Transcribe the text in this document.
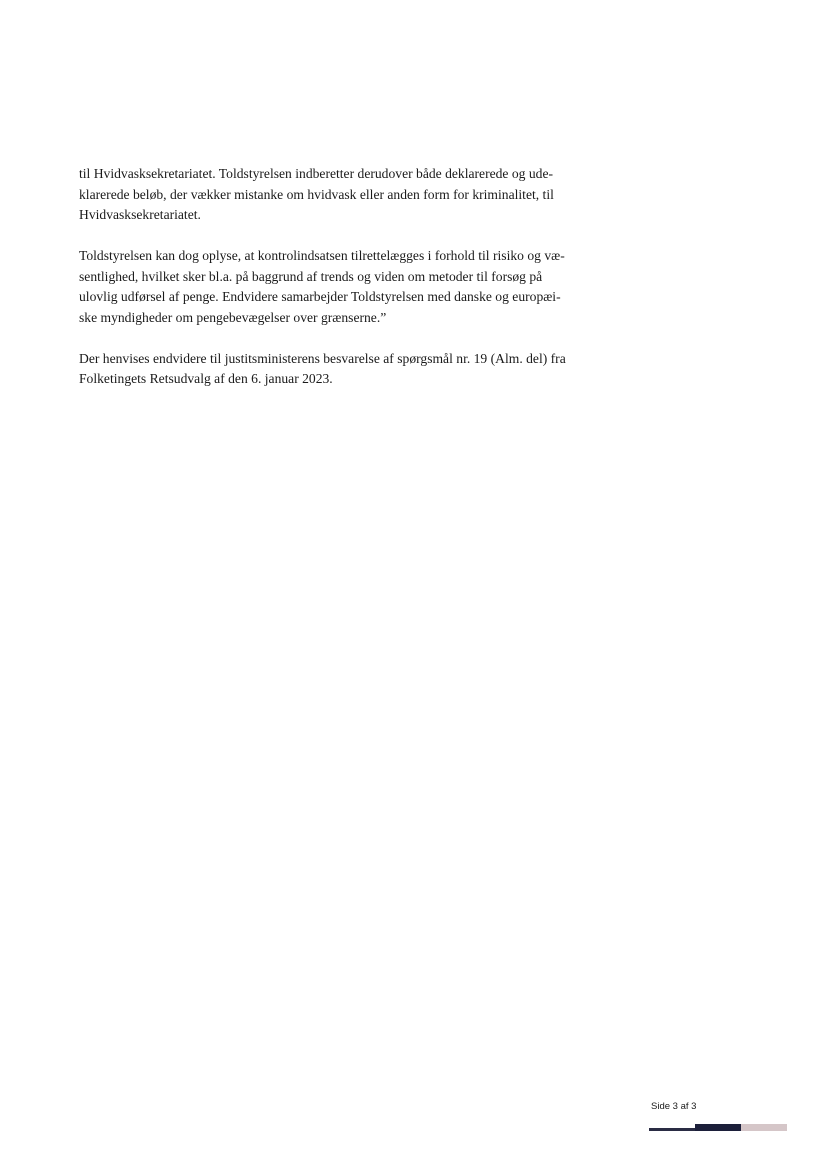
til Hvidvasksekretariatet. Toldstyrelsen indberetter derudover både deklarerede og ude-
klarerede beløb, der vækker mistanke om hvidvask eller anden form for kriminalitet, til
Hvidvasksekretariatet.

Toldstyrelsen kan dog oplyse, at kontrolindsatsen tilrettelægges i forhold til risiko og væ-
sentlighed, hvilket sker bl.a. på baggrund af trends og viden om metoder til forsøg på
ulovlig udførsel af penge. Endvidere samarbejder Toldstyrelsen med danske og europæi-
ske myndigheder om pengebevægelser over grænserne.”

Der henvises endvidere til justitsministerens besvarelse af spørgsmål nr. 19 (Alm. del) fra
Folketingets Retsudvalg af den 6. januar 2023.

Side 3 af 3
